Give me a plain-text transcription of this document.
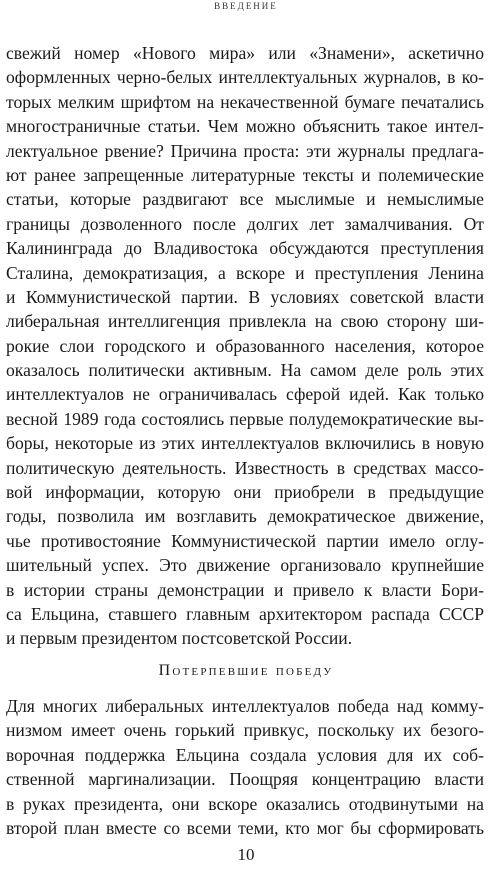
ВВЕДЕНИЕ
свежий номер «Нового мира» или «Знамени», аскетично
оформленных черно-белых интеллектуальных журналов, в ко-
торых мелким шрифтом на некачественной бумаге печатались
многостраничные статьи. Чем можно объяснить такое интел-
лектуальное рвение? Причина проста: эти журналы предлага-
ют ранее запрещенные литературные тексты и полемические
статьи, которые раздвигают все мыслимые и немыслимые
границы дозволенного после долгих лет замалчивания. От
Калининграда до Владивостока обсуждаются преступления
Сталина, демократизация, а вскоре и преступления Ленина
и Коммунистической партии. В условиях советской власти
либеральная интеллигенция привлекла на свою сторону ши-
рокие слои городского и образованного населения, которое
оказалось политически активным. На самом деле роль этих
интеллектуалов не ограничивалась сферой идей. Как только
весной 1989 года состоялись первые полудемократические вы-
боры, некоторые из этих интеллектуалов включились в новую
политическую деятельность. Известность в средствах массо-
вой информации, которую они приобрели в предыдущие
годы, позволила им возглавить демократическое движение,
чье противостояние Коммунистической партии имело оглу-
шительный успех. Это движение организовало крупнейшие
в истории страны демонстрации и привело к власти Бори-
са Ельцина, ставшего главным архитектором распада СССР
и первым президентом постсоветской России.
Потерпевшие победу
Для многих либеральных интеллектуалов победа над комму-
низмом имеет очень горький привкус, поскольку их безого-
ворочная поддержка Ельцина создала условия для их соб-
ственной маргинализации. Поощряя концентрацию власти
в руках президента, они вскоре оказались отодвинутыми на
второй план вместе со всеми теми, кто мог бы сформировать
10
